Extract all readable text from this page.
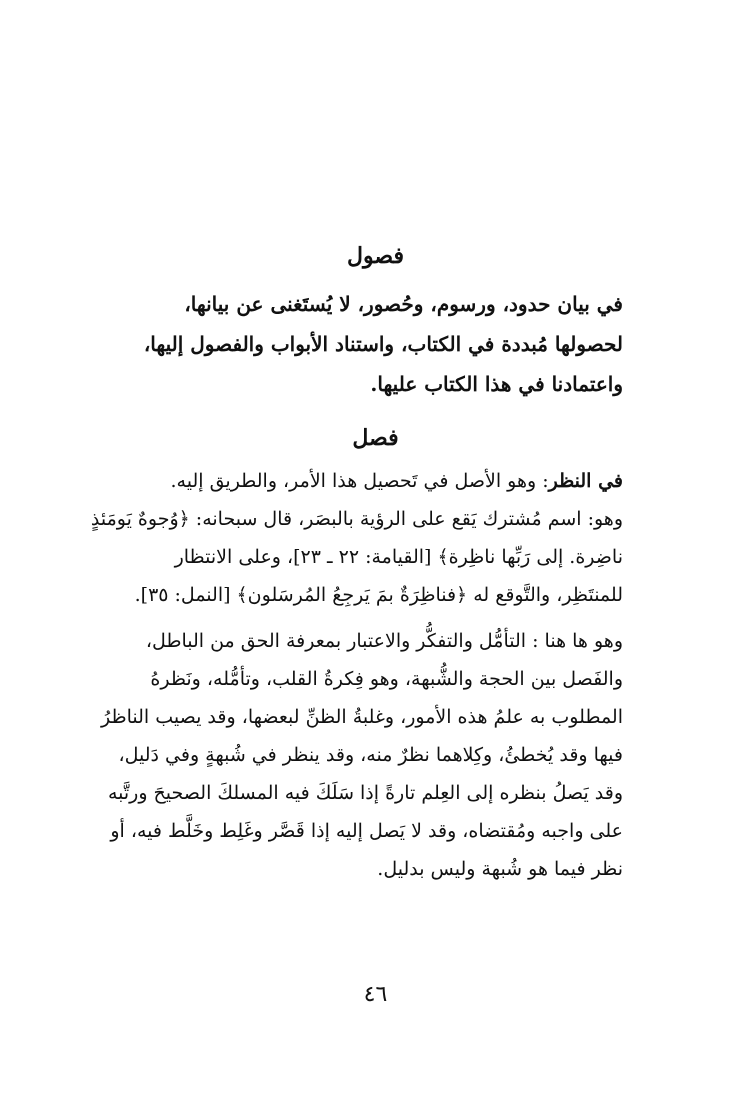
فصول
في بيان حدود، ورسوم، وحُصور، لا يُستَغنى عن بيانها،
لحصولها مُبددة في الكتاب، واستناد الأبواب والفصول إليها،
واعتمادنا في هذا الكتاب عليها.
فصل
في النظر: وهو الأصل في تَحصيل هذا الأمر، والطريق إليه.
وهو: اسم مُشترك يَقع على الرؤية بالبصَر، قال سبحانه: ﴿وُجوهٌ يَومَئذٍ
ناضِرة. إلى رَبِّها ناظِرة﴾ [القيامة: ٢٢ ـ ٢٣]، وعلى الانتظار
للمنتَظِر، والتَّوقع له ﴿فناظِرَةٌ بمَ يَرجِعُ المُرسَلون﴾ [النمل: ٣٥].
وهو ها هنا : التأمُّل والتفكُّر والاعتبار بمعرفة الحق من الباطل،
والفَصل بين الحجة والشُّبهة، وهو فِكرةُ القلب، وتأمُّله، ونَظرهُ
المطلوب به علمُ هذه الأمور، وغلبةُ الظنِّ لبعضها، وقد يصيب الناظرُ
فيها وقد يُخطئُ، وكِلاهما نظرٌ منه، وقد ينظر في شُبهةٍ وفي دَليل،
وقد يَصلُ بنظره إلى العِلم تارةً إذا سَلَكَ فيه المسلكَ الصحيحَ ورتَّبه
على واجبه ومُقتضاه، وقد لا يَصل إليه إذا قَصَّر وغَلِط وخَلَّط فيه، أو
نظر فيما هو شُبهة وليس بدليل.
٤٦
